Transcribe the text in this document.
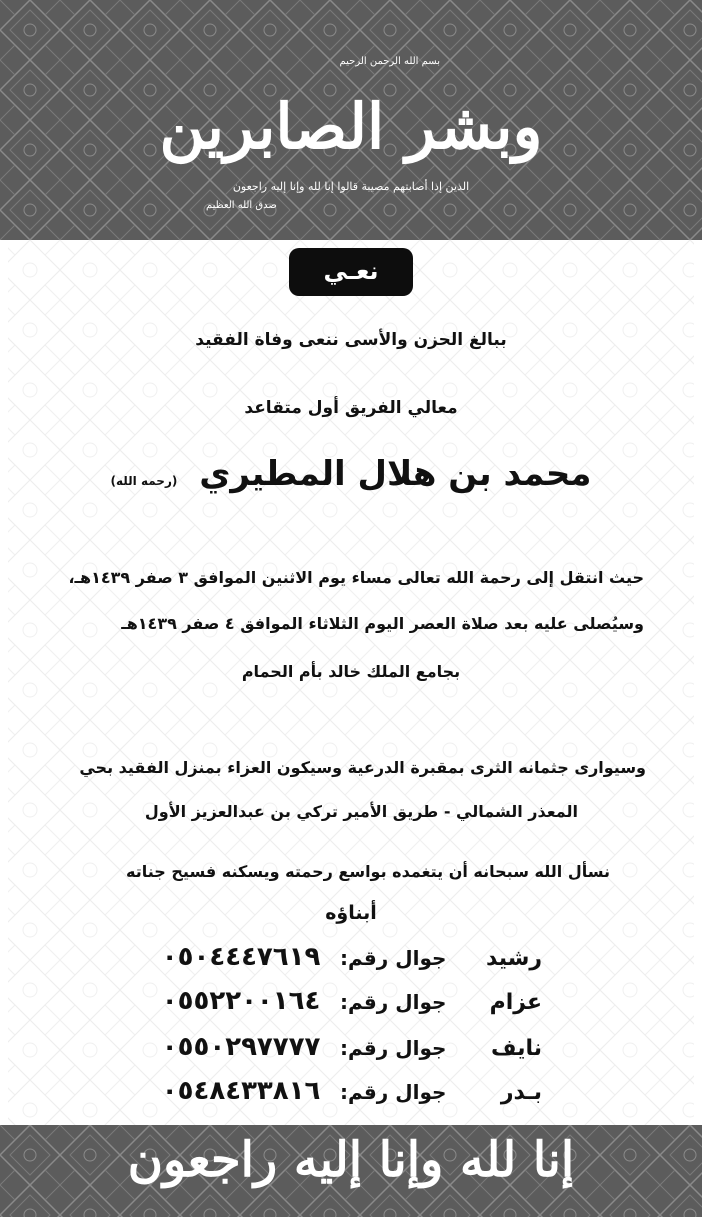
بسم الله الرحمن الرحيم
وبشر الصابرين
الذين إذا أصابتهم مصيبة قالوا إنا لله وإنا إليه راجعون
صدق الله العظيم
نعـي
ببالغ الحزن والأسى ننعى وفاة الفقيد
معالي الفريق أول متقاعد
محمد بن هلال المطيري (رحمه الله)
حيث انتقل إلى رحمة الله تعالى مساء يوم الاثنين الموافق ٣ صفر ١٤٣٩هـ،
وسيُصلى عليه بعد صلاة العصر اليوم الثلاثاء الموافق ٤ صفر ١٤٣٩هـ
بجامع الملك خالد بأم الحمام
وسيوارى جثمانه الثرى بمقبرة الدرعية وسيكون العزاء بمنزل الفقيد بحي
المعذر الشمالي - طريق الأمير تركي بن عبدالعزيز الأول
نسأل الله سبحانه أن يتغمده بواسع رحمته ويسكنه فسيح جناته
أبناؤه
رشيد جوال رقم: ٠٥٠٤٤٤٧٦١٩
عزام جوال رقم: ٠٥٥٢٢٠٠١٦٤
نايف جوال رقم: ٠٥٥٠٢٩٧٧٧٧
بـدر جوال رقم: ٠٥٤٨٤٣٣٨١٦
إنا لله وإنا إليه راجعون
